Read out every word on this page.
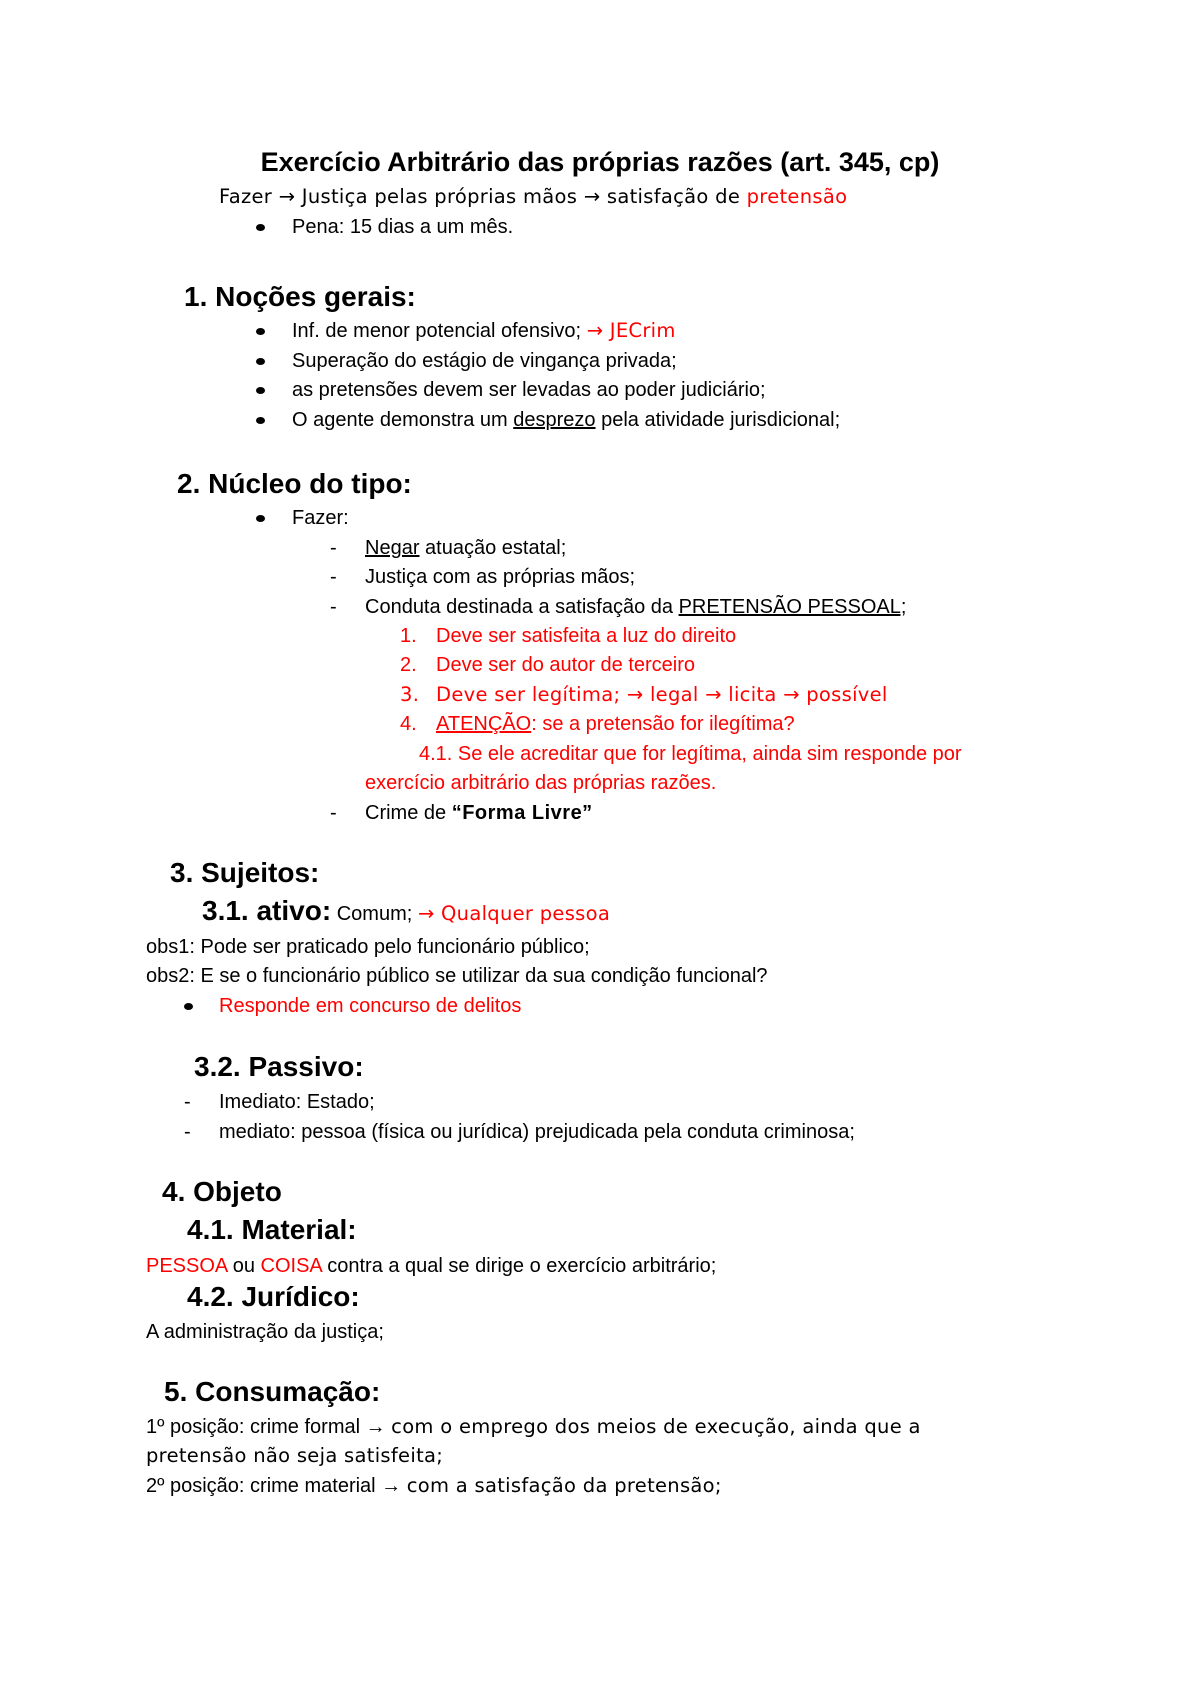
Exercício Arbitrário das próprias razões (art. 345, cp)
Fazer → Justiça pelas próprias mãos → satisfação de pretensão
Pena: 15 dias a um mês.
1. Noções gerais:
Inf. de menor potencial ofensivo; → JECrim
Superação do estágio de vingança privada;
as pretensões devem ser levadas ao poder judiciário;
O agente demonstra um desprezo pela atividade jurisdicional;
2. Núcleo do tipo:
Fazer:
- Negar atuação estatal;
- Justiça com as próprias mãos;
- Conduta destinada a satisfação da PRETENSÃO PESSOAL;
1. Deve ser satisfeita a luz do direito
2. Deve ser do autor de terceiro
3. Deve ser legítima; → legal → licita → possível
4. ATENÇÃO: se a pretensão for ilegítima?
4.1. Se ele acreditar que for legítima, ainda sim responde por
exercício arbitrário das próprias razões.
- Crime de “Forma Livre”
3. Sujeitos:
3.1. ativo: Comum; → Qualquer pessoa
obs1: Pode ser praticado pelo funcionário público;
obs2: E se o funcionário público se utilizar da sua condição funcional?
Responde em concurso de delitos
3.2. Passivo:
- Imediato: Estado;
- mediato: pessoa (física ou jurídica) prejudicada pela conduta criminosa;
4. Objeto
4.1. Material:
PESSOA ou COISA contra a qual se dirige o exercício arbitrário;
4.2. Jurídico:
A administração da justiça;
5. Consumação:
1º posição: crime formal → com o emprego dos meios de execução, ainda que a
pretensão não seja satisfeita;
2º posição: crime material → com a satisfação da pretensão;
